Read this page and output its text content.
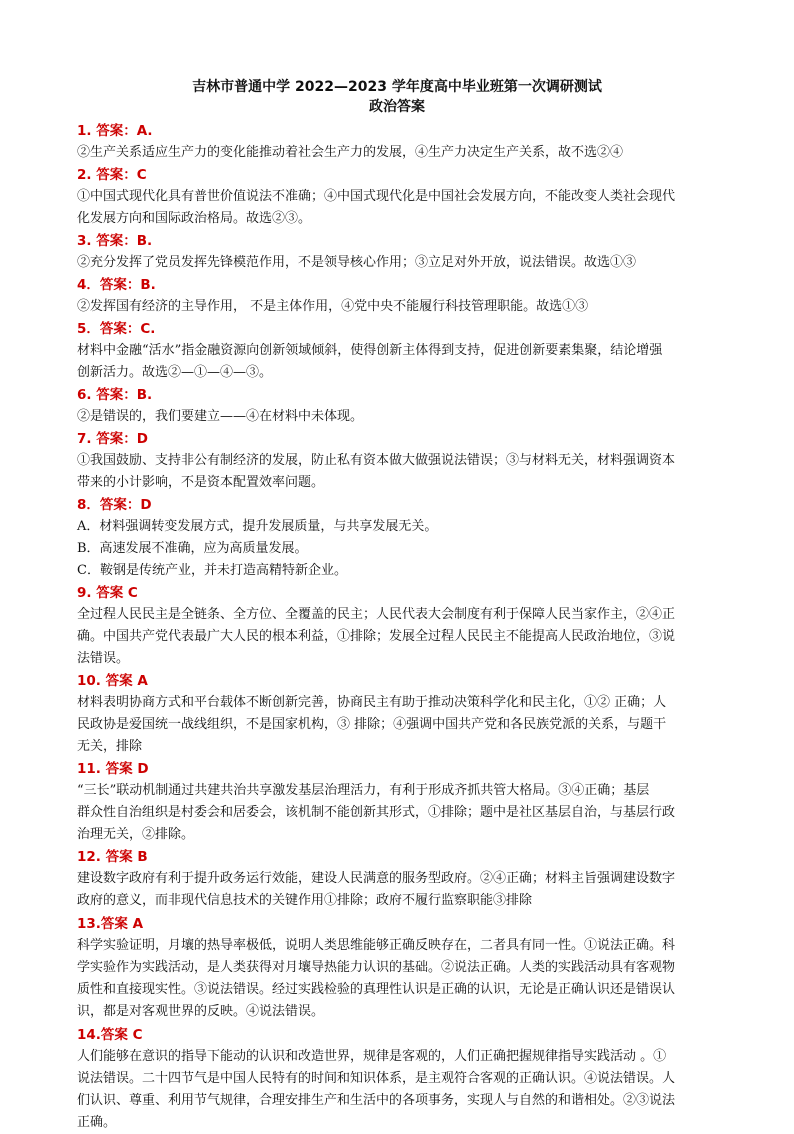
吉林市普通中学 2022—2023 学年度高中毕业班第一次调研测试
政治答案
1. 答案：A.
②生产关系适应生产力的变化能推动着社会生产力的发展，④生产力决定生产关系，故不选②④
2. 答案：C
①中国式现代化具有普世价值说法不准确；④中国式现代化是中国社会发展方向，不能改变人类社会现代
化发展方向和国际政治格局。故选②③。
3. 答案：B.
②充分发挥了党员发挥先锋模范作用，不是领导核心作用；③立足对外开放，说法错误。故选①③
4．答案：B.
②发挥国有经济的主导作用， 不是主体作用，④党中央不能履行科技管理职能。故选①③
5．答案：C.
材料中金融“活水”指金融资源向创新领域倾斜，使得创新主体得到支持，促进创新要素集聚，结论增强
创新活力。故选②—①—④—③。
6. 答案：B.
②是错误的，我们要建立——④在材料中未体现。
7. 答案：D
①我国鼓励、支持非公有制经济的发展，防止私有资本做大做强说法错误；③与材料无关，材料强调资本
带来的小计影响，不是资本配置效率问题。
8．答案：D
A．材料强调转变发展方式，提升发展质量，与共享发展无关。
B．高速发展不准确，应为高质量发展。
C．鞍钢是传统产业，并未打造高精特新企业。
9. 答案 C
全过程人民民主是全链条、全方位、全覆盖的民主；人民代表大会制度有利于保障人民当家作主，②④正
确。中国共产党代表最广大人民的根本利益，①排除；发展全过程人民民主不能提高人民政治地位，③说
法错误。
10. 答案 A
材料表明协商方式和平台载体不断创新完善，协商民主有助于推动决策科学化和民主化，①② 正确；人
民政协是爱国统一战线组织，不是国家机构，③ 排除；④强调中国共产党和各民族党派的关系，与题干
无关，排除
11. 答案 D
“三长”联动机制通过共建共治共享激发基层治理活力，有利于形成齐抓共管大格局。③④正确；基层
群众性自治组织是村委会和居委会，该机制不能创新其形式，①排除；题中是社区基层自治，与基层行政
治理无关，②排除。
12. 答案 B
建设数字政府有利于提升政务运行效能，建设人民满意的服务型政府。②④正确；材料主旨强调建设数字
政府的意义，而非现代信息技术的关键作用①排除；政府不履行监察职能③排除
13.答案 A
科学实验证明，月壤的热导率极低，说明人类思维能够正确反映存在，二者具有同一性。①说法正确。科
学实验作为实践活动，是人类获得对月壤导热能力认识的基础。②说法正确。人类的实践活动具有客观物
质性和直接现实性。③说法错误。经过实践检验的真理性认识是正确的认识，无论是正确认识还是错误认
识，都是对客观世界的反映。④说法错误。
14.答案 C
人们能够在意识的指导下能动的认识和改造世界，规律是客观的，人们正确把握规律指导实践活动 。①
说法错误。二十四节气是中国人民特有的时间和知识体系，是主观符合客观的正确认识。④说法错误。人
们认识、尊重、利用节气规律，合理安排生产和生活中的各项事务，实现人与自然的和谐相处。②③说法
正确。
